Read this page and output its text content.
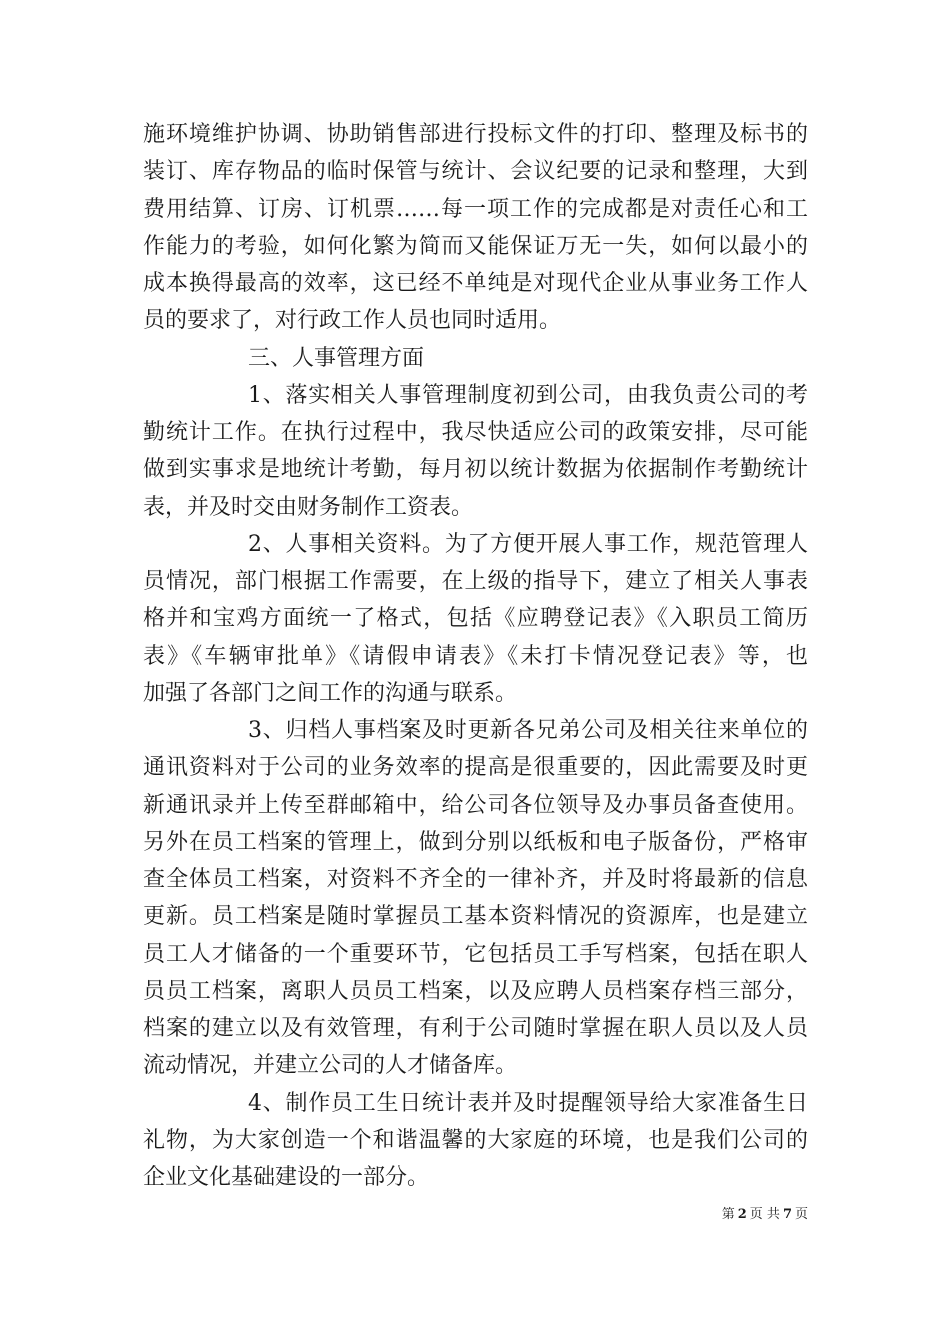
施环境维护协调、协助销售部进行投标文件的打印、整理及标书的
装订、库存物品的临时保管与统计、会议纪要的记录和整理，大到
费用结算、订房、订机票……每一项工作的完成都是对责任心和工
作能力的考验，如何化繁为简而又能保证万无一失，如何以最小的
成本换得最高的效率，这已经不单纯是对现代企业从事业务工作人
员的要求了，对行政工作人员也同时适用。
三、人事管理方面
1、落实相关人事管理制度初到公司，由我负责公司的考
勤统计工作。在执行过程中，我尽快适应公司的政策安排，尽可能
做到实事求是地统计考勤，每月初以统计数据为依据制作考勤统计
表，并及时交由财务制作工资表。
2、人事相关资料。为了方便开展人事工作，规范管理人
员情况，部门根据工作需要，在上级的指导下，建立了相关人事表
格并和宝鸡方面统一了格式，包括《应聘登记表》《入职员工简历
表》《车辆审批单》《请假申请表》《未打卡情况登记表》等，也
加强了各部门之间工作的沟通与联系。
3、归档人事档案及时更新各兄弟公司及相关往来单位的
通讯资料对于公司的业务效率的提高是很重要的，因此需要及时更
新通讯录并上传至群邮箱中，给公司各位领导及办事员备查使用。
另外在员工档案的管理上，做到分别以纸板和电子版备份，严格审
查全体员工档案，对资料不齐全的一律补齐，并及时将最新的信息
更新。员工档案是随时掌握员工基本资料情况的资源库，也是建立
员工人才储备的一个重要环节，它包括员工手写档案，包括在职人
员员工档案，离职人员员工档案，以及应聘人员档案存档三部分，
档案的建立以及有效管理，有利于公司随时掌握在职人员以及人员
流动情况，并建立公司的人才储备库。
4、制作员工生日统计表并及时提醒领导给大家准备生日
礼物，为大家创造一个和谐温馨的大家庭的环境，也是我们公司的
企业文化基础建设的一部分。
第 2 页 共 7 页
